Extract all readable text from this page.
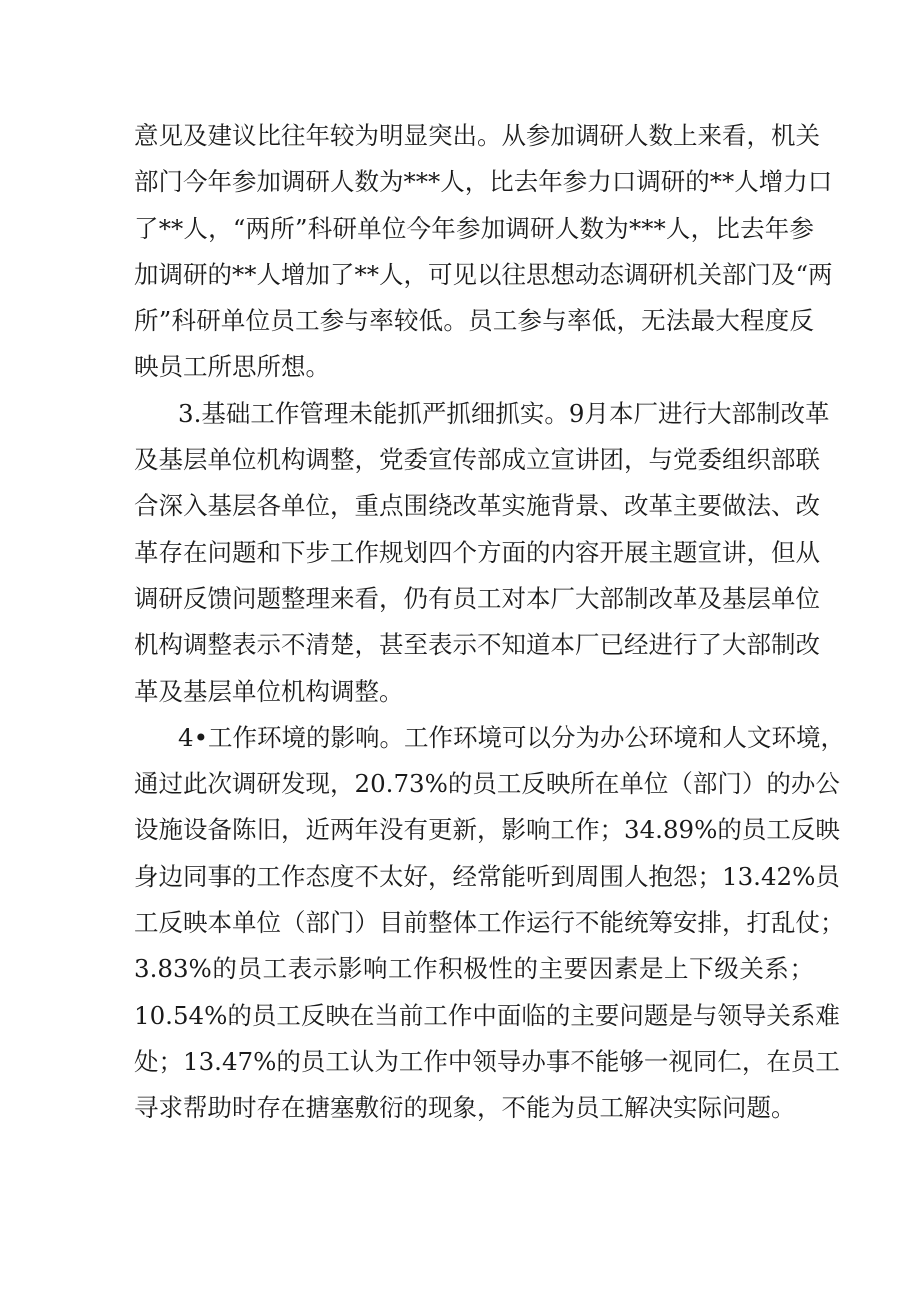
意见及建议比往年较为明显突出。从参加调研人数上来看，机关
部门今年参加调研人数为***人，比去年参力口调研的**人增力口
了**人，“两所”科研单位今年参加调研人数为***人，比去年参
加调研的**人增加了**人，可见以往思想动态调研机关部门及“两
所”科研单位员工参与率较低。员工参与率低，无法最大程度反
映员工所思所想。
3.基础工作管理未能抓严抓细抓实。9月本厂进行大部制改革
及基层单位机构调整，党委宣传部成立宣讲团，与党委组织部联
合深入基层各单位，重点围绕改革实施背景、改革主要做法、改
革存在问题和下步工作规划四个方面的内容开展主题宣讲，但从
调研反馈问题整理来看，仍有员工对本厂大部制改革及基层单位
机构调整表示不清楚，甚至表示不知道本厂已经进行了大部制改
革及基层单位机构调整。
4•工作环境的影响。工作环境可以分为办公环境和人文环境，
通过此次调研发现，20.73%的员工反映所在单位（部门）的办公
设施设备陈旧，近两年没有更新，影响工作；34.89%的员工反映
身边同事的工作态度不太好，经常能听到周围人抱怨；13.42%员
工反映本单位（部门）目前整体工作运行不能统筹安排，打乱仗；
3.83%的员工表示影响工作积极性的主要因素是上下级关系；
10.54%的员工反映在当前工作中面临的主要问题是与领导关系难
处；13.47%的员工认为工作中领导办事不能够一视同仁，在员工
寻求帮助时存在搪塞敷衍的现象，不能为员工解决实际问题。
